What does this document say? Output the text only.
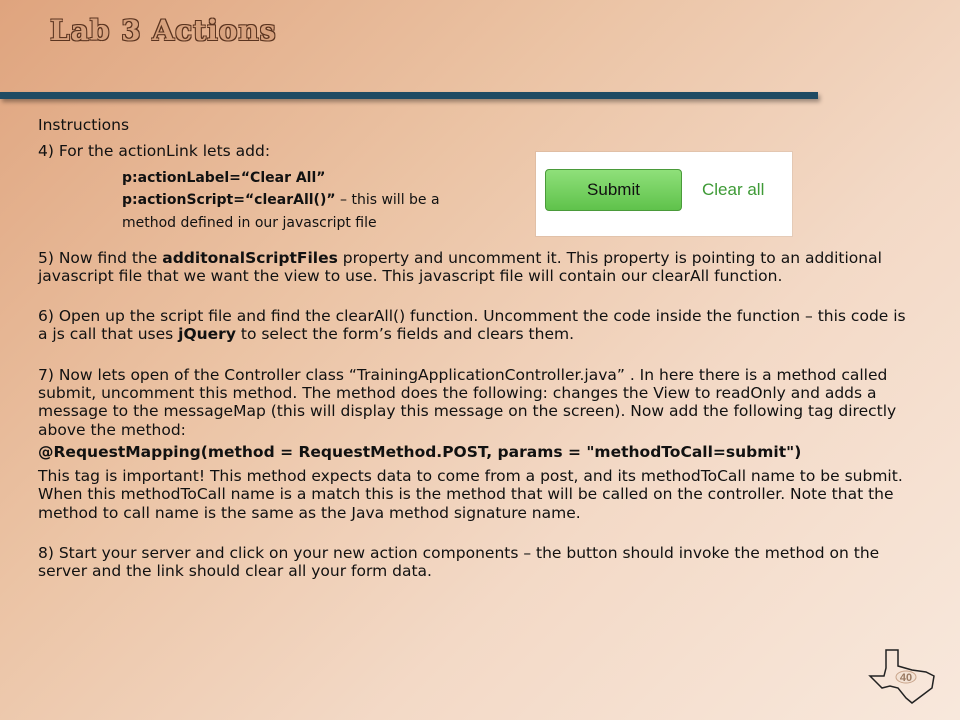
Lab 3 Actions

Instructions

4) For the actionLink lets add:

p:actionLabel=“Clear All”
p:actionScript=“clearAll()” – this will be a
method defined in our javascript file

5) Now find the additonalScriptFiles property and uncomment it. This property is pointing to an additional javascript file that we want the view to use. This javascript file will contain our clearAll function.

6) Open up the script file and find the clearAll() function. Uncomment the code inside the function – this code is a js call that uses jQuery to select the form’s fields and clears them.

7) Now lets open of the Controller class “TrainingApplicationController.java” . In here there is a method called submit, uncomment this method. The method does the following: changes the View to readOnly and adds a message to the messageMap (this will display this message on the screen). Now add the following tag directly above the method:

@RequestMapping(method = RequestMethod.POST, params = "methodToCall=submit")

This tag is important! This method expects data to come from a post, and its methodToCall name to be submit. When this methodToCall name is a match this is the method that will be called on the controller. Note that the method to call name is the same as the Java method signature name.

8) Start your server and click on your new action components – the button should invoke the method on the server and the link should clear all your form data.

Submit	Clear all
40
